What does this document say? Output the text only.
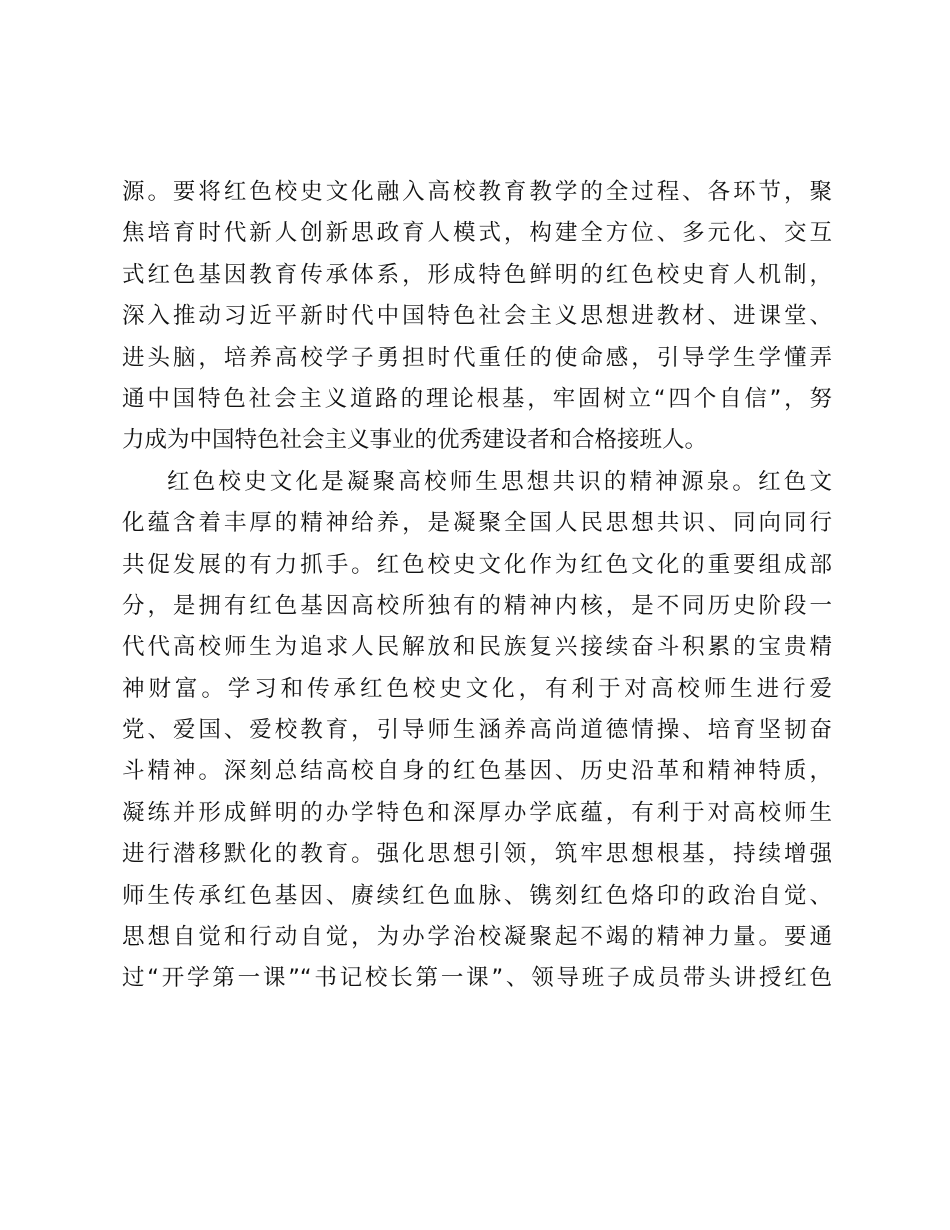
源。要将红色校史文化融入高校教育教学的全过程、各环节，聚
焦培育时代新人创新思政育人模式，构建全方位、多元化、交互
式红色基因教育传承体系，形成特色鲜明的红色校史育人机制，
深入推动习近平新时代中国特色社会主义思想进教材、进课堂、
进头脑，培养高校学子勇担时代重任的使命感，引导学生学懂弄
通中国特色社会主义道路的理论根基，牢固树立“四个自信”，努
力成为中国特色社会主义事业的优秀建设者和合格接班人。
红色校史文化是凝聚高校师生思想共识的精神源泉。红色文
化蕴含着丰厚的精神给养，是凝聚全国人民思想共识、同向同行
共促发展的有力抓手。红色校史文化作为红色文化的重要组成部
分，是拥有红色基因高校所独有的精神内核，是不同历史阶段一
代代高校师生为追求人民解放和民族复兴接续奋斗积累的宝贵精
神财富。学习和传承红色校史文化，有利于对高校师生进行爱
党、爱国、爱校教育，引导师生涵养高尚道德情操、培育坚韧奋
斗精神。深刻总结高校自身的红色基因、历史沿革和精神特质，
凝练并形成鲜明的办学特色和深厚办学底蕴，有利于对高校师生
进行潜移默化的教育。强化思想引领，筑牢思想根基，持续增强
师生传承红色基因、赓续红色血脉、镌刻红色烙印的政治自觉、
思想自觉和行动自觉，为办学治校凝聚起不竭的精神力量。要通
过“开学第一课”“书记校长第一课”、领导班子成员带头讲授红色
